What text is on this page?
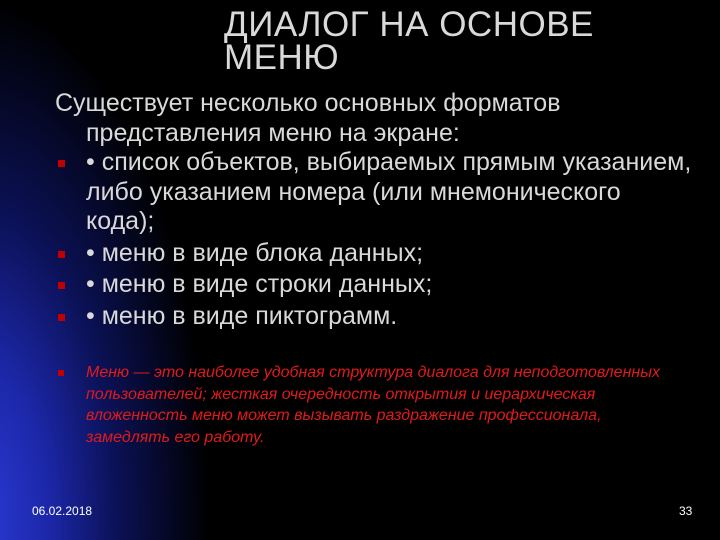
ДИАЛОГ НА ОСНОВЕ МЕНЮ
Существует несколько основных форматов
представления меню на экране:
• список объектов, выбираемых прямым указанием, либо указанием номера (или мнемонического кода);
• меню в виде блока данных;
• меню в виде строки данных;
• меню в виде пиктограмм.
Меню — это наиболее удобная структура диалога для неподготовленных пользователей; жесткая очередность открытия и иерархическая вложенность меню может вызывать раздражение профессионала, замедлять его работу.
06.02.2018	33
